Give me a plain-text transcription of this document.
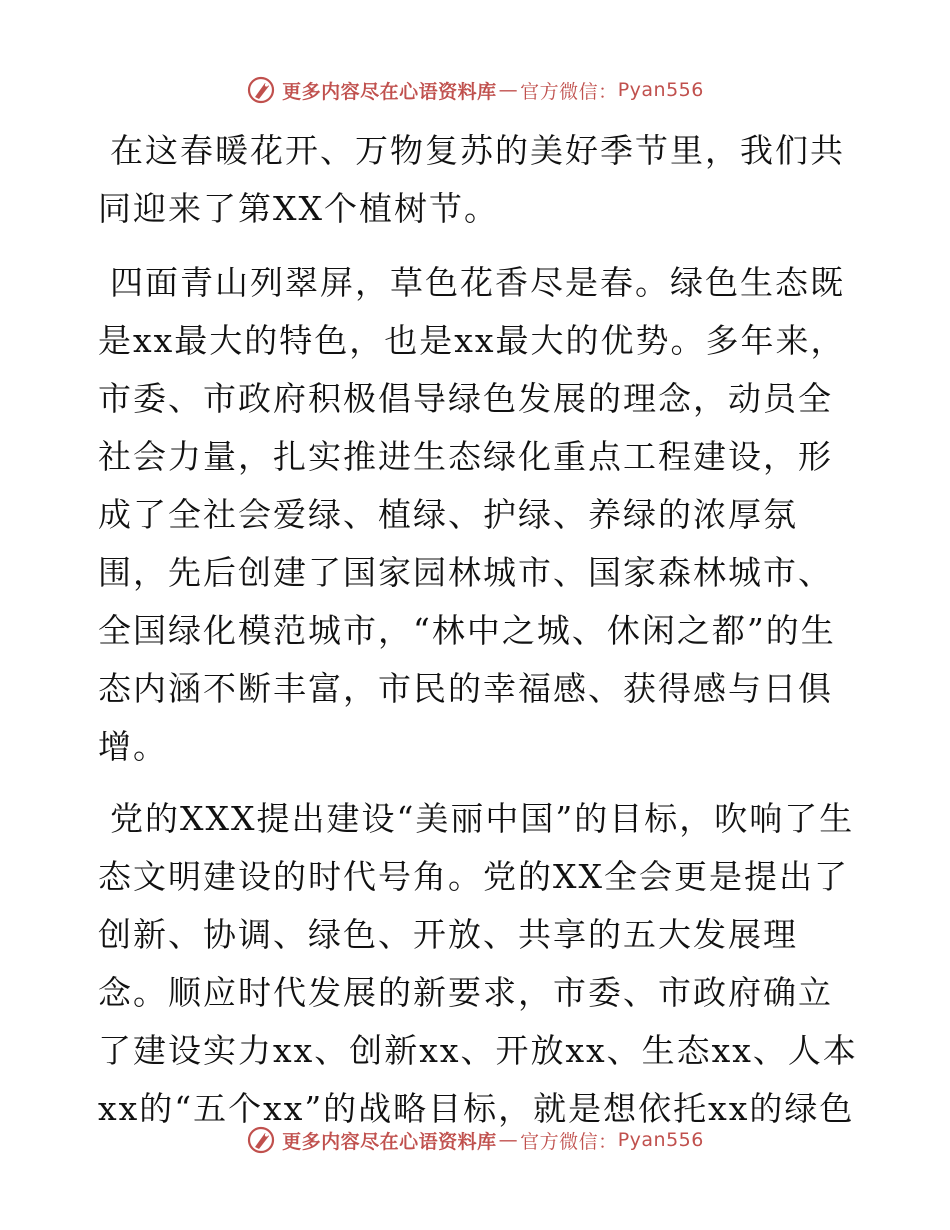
更多内容尽在心语资料库 — 官方微信： Pyan556

在这春暖花开、万物复苏的美好季节里，我们共同迎来了第XX个植树节。

四面青山列翠屏，草色花香尽是春。绿色生态既是xx最大的特色，也是xx最大的优势。多年来，市委、市政府积极倡导绿色发展的理念，动员全社会力量，扎实推进生态绿化重点工程建设，形成了全社会爱绿、植绿、护绿、养绿的浓厚氛围，先后创建了国家园林城市、国家森林城市、全国绿化模范城市，“林中之城、休闲之都”的生态内涵不断丰富，市民的幸福感、获得感与日俱增。

党的XXX提出建设“美丽中国”的目标，吹响了生态文明建设的时代号角。党的XX全会更是提出了创新、协调、绿色、开放、共享的五大发展理念。顺应时代发展的新要求，市委、市政府确立了建设实力xx、创新xx、开放xx、生态xx、人本xx的“五个xx”的战略目标，就是想依托xx的绿色

更多内容尽在心语资料库 — 官方微信： Pyan556
